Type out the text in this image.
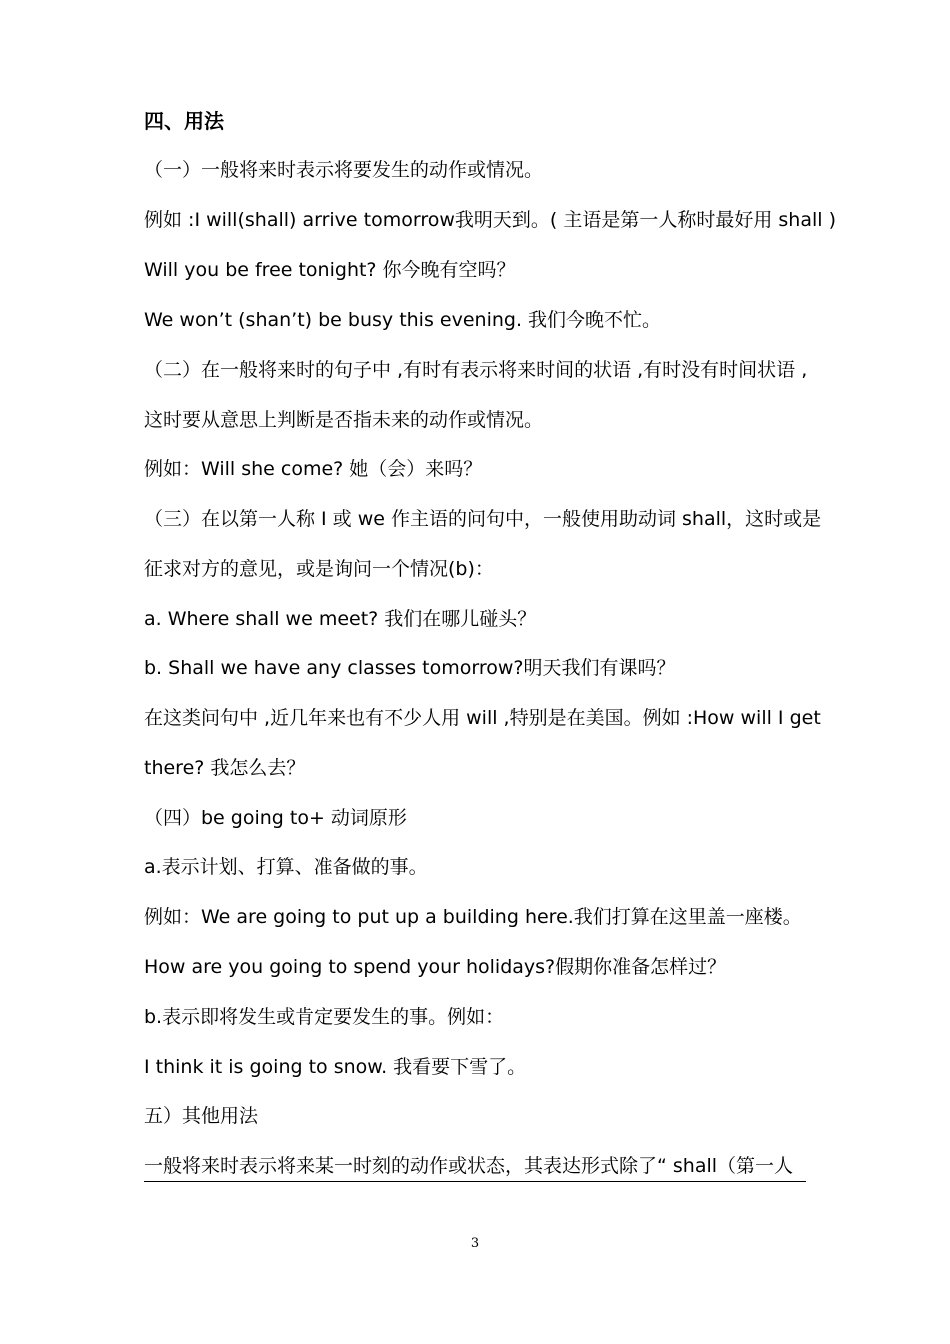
四、用法
（一）一般将来时表示将要发生的动作或情况。
例如 :I will(shall) arrive tomorrow我明天到。( 主语是第一人称时最好用 shall )
Will you be free tonight? 你今晚有空吗？
We won’t (shan’t) be busy this evening. 我们今晚不忙。
（二）在一般将来时的句子中 ,有时有表示将来时间的状语 ,有时没有时间状语 ,
这时要从意思上判断是否指未来的动作或情况。
例如：Will she come? 她（会）来吗？
（三）在以第一人称 I 或 we 作主语的问句中，一般使用助动词 shall，这时或是
征求对方的意见，或是询问一个情况(b)：
a. Where shall we meet? 我们在哪儿碰头？
b. Shall we have any classes tomorrow?明天我们有课吗？
在这类问句中 ,近几年来也有不少人用 will ,特别是在美国。例如 :How will I get
there? 我怎么去？
（四）be going to+ 动词原形
a.表示计划、打算、准备做的事。
例如：We are going to put up a building here.我们打算在这里盖一座楼。
How are you going to spend your holidays?假期你准备怎样过？
b.表示即将发生或肯定要发生的事。例如：
I think it is going to snow. 我看要下雪了。
五）其他用法
一般将来时表示将来某一时刻的动作或状态，其表达形式除了“ shall（第一人
3
